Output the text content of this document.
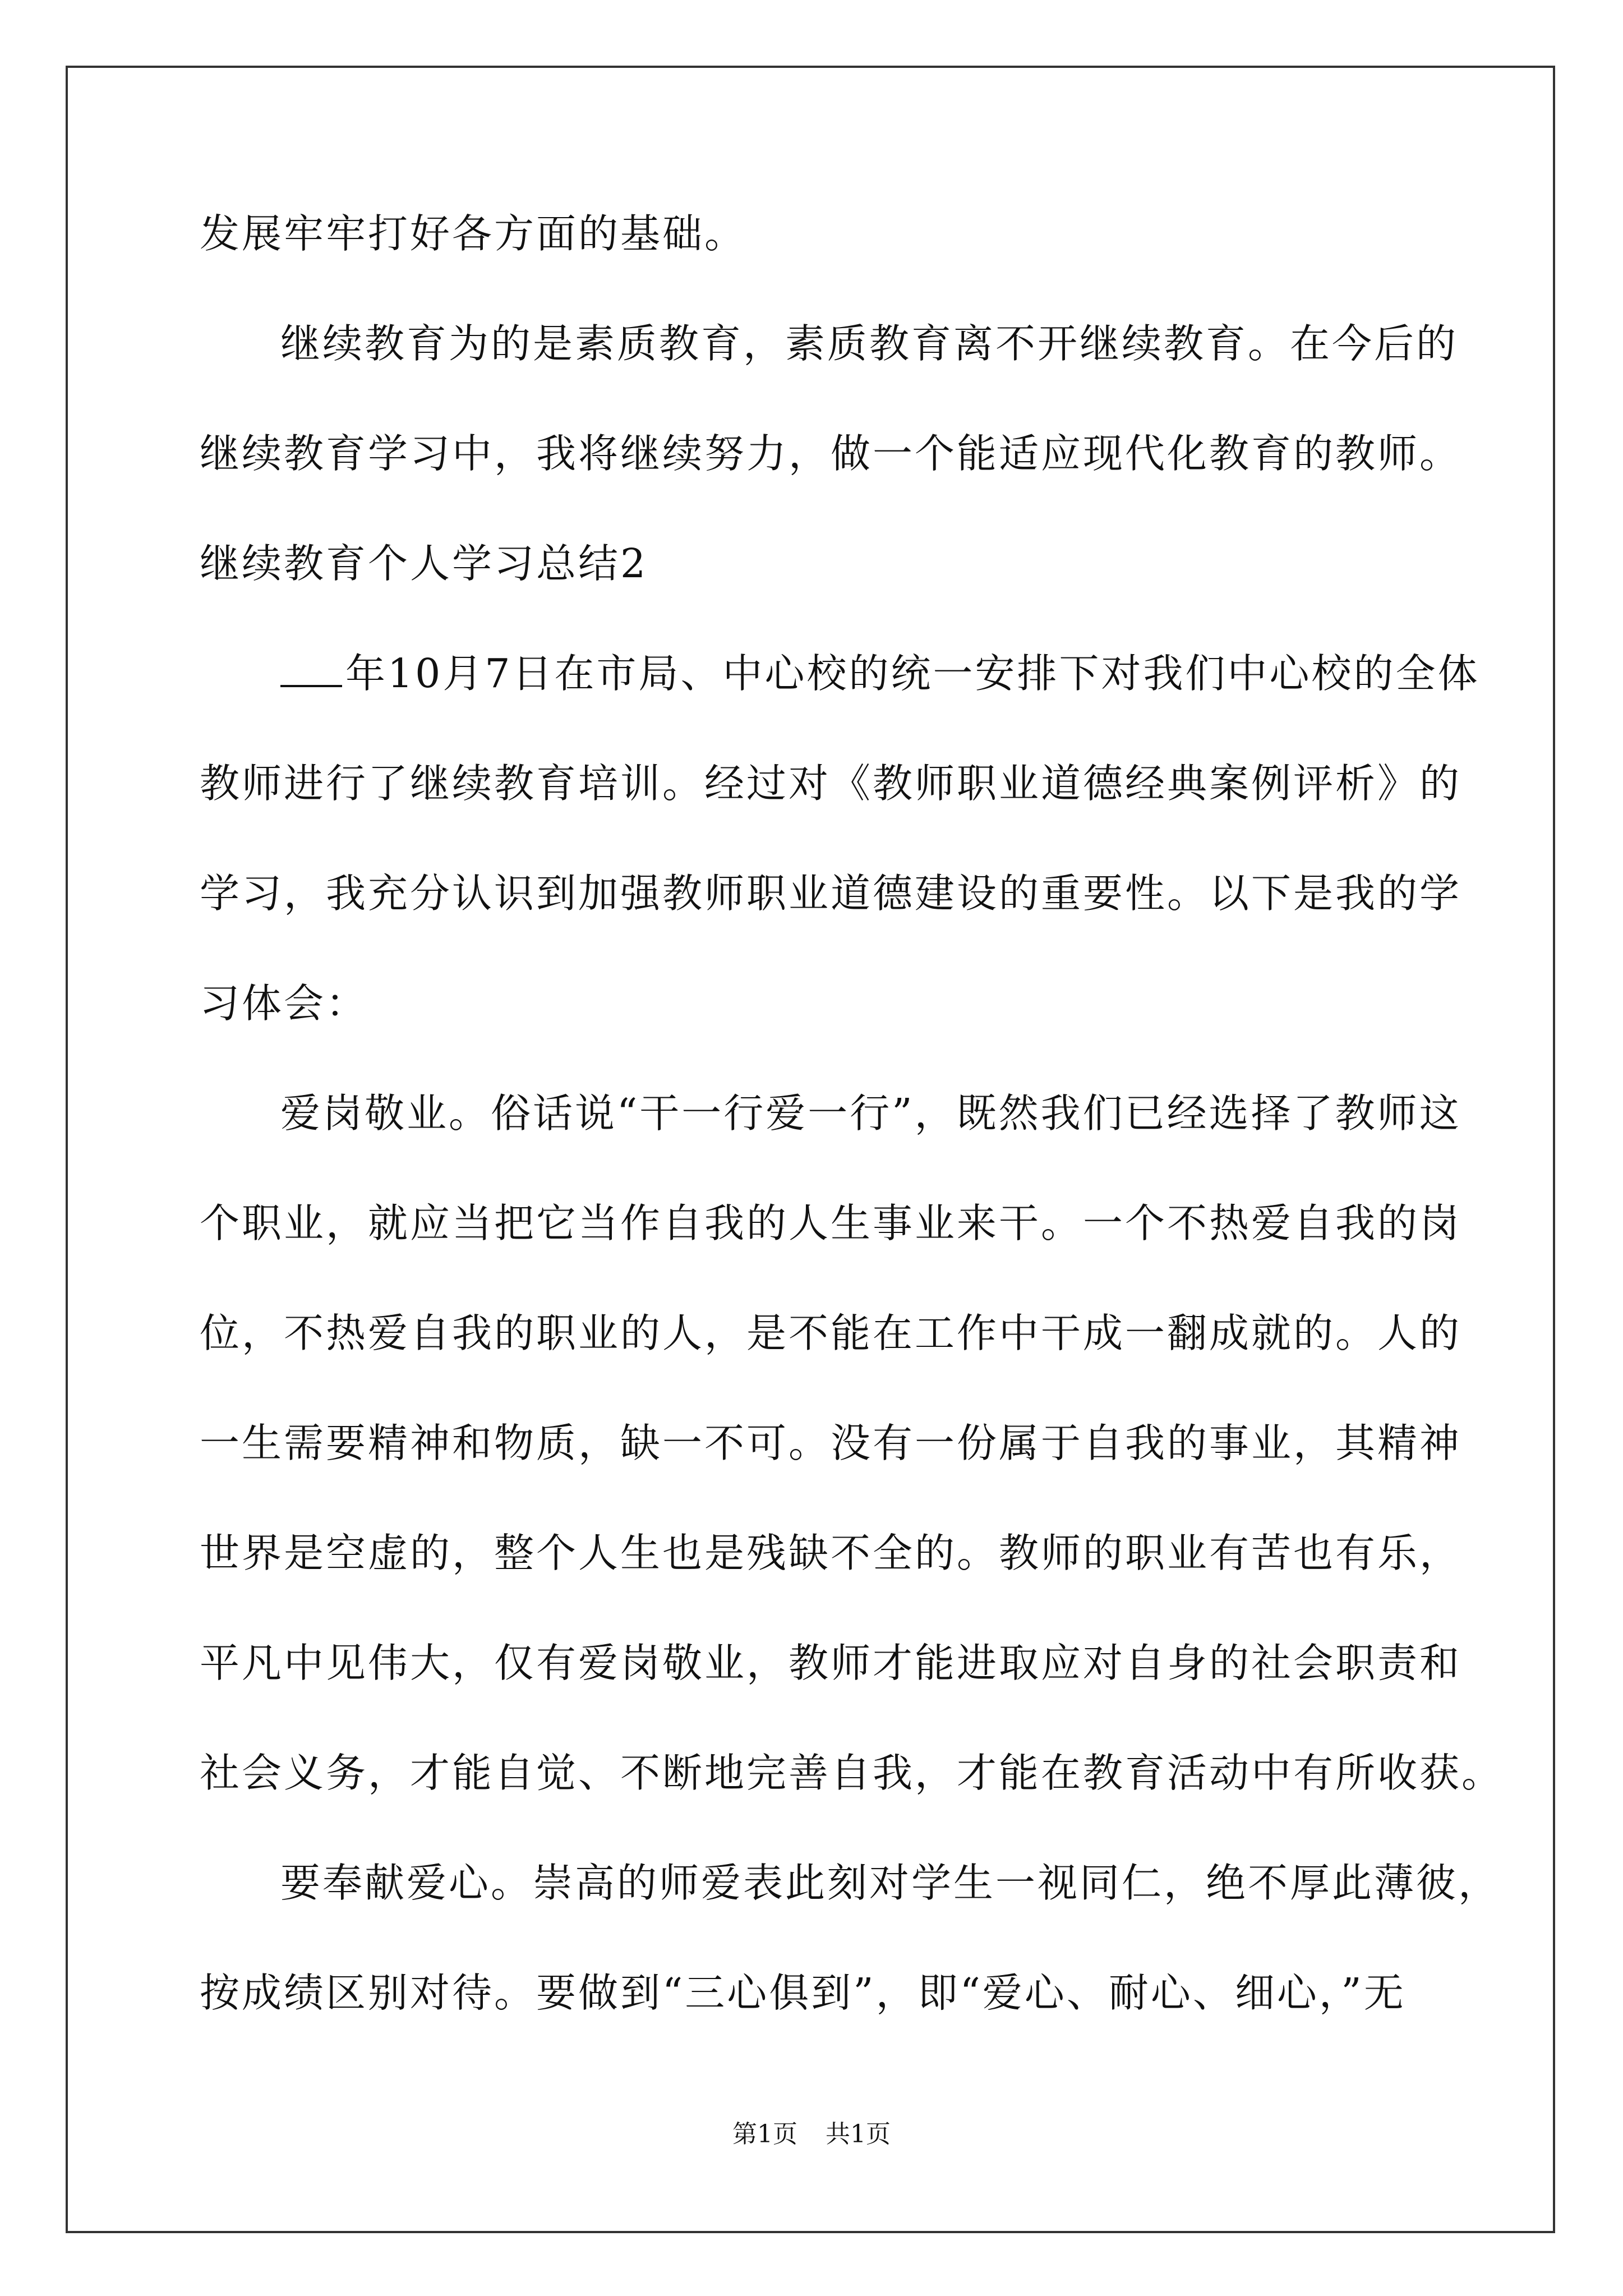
发展牢牢打好各方面的基础。
继续教育为的是素质教育，素质教育离不开继续教育。在今后的
继续教育学习中，我将继续努力，做一个能适应现代化教育的教师。
继续教育个人学习总结2
年10月7日在市局、中心校的统一安排下对我们中心校的全体
教师进行了继续教育培训。经过对《教师职业道德经典案例评析》的
学习，我充分认识到加强教师职业道德建设的重要性。以下是我的学
习体会：
爱岗敬业。俗话说“干一行爱一行”，既然我们已经选择了教师这
个职业，就应当把它当作自我的人生事业来干。一个不热爱自我的岗
位，不热爱自我的职业的人，是不能在工作中干成一翻成就的。人的
一生需要精神和物质，缺一不可。没有一份属于自我的事业，其精神
世界是空虚的，整个人生也是残缺不全的。教师的职业有苦也有乐，
平凡中见伟大，仅有爱岗敬业，教师才能进取应对自身的社会职责和
社会义务，才能自觉、不断地完善自我，才能在教育活动中有所收获。
要奉献爱心。崇高的师爱表此刻对学生一视同仁，绝不厚此薄彼，
按成绩区别对待。要做到“三心俱到”，即“爱心、耐心、细心，”无
第1页 共1页
